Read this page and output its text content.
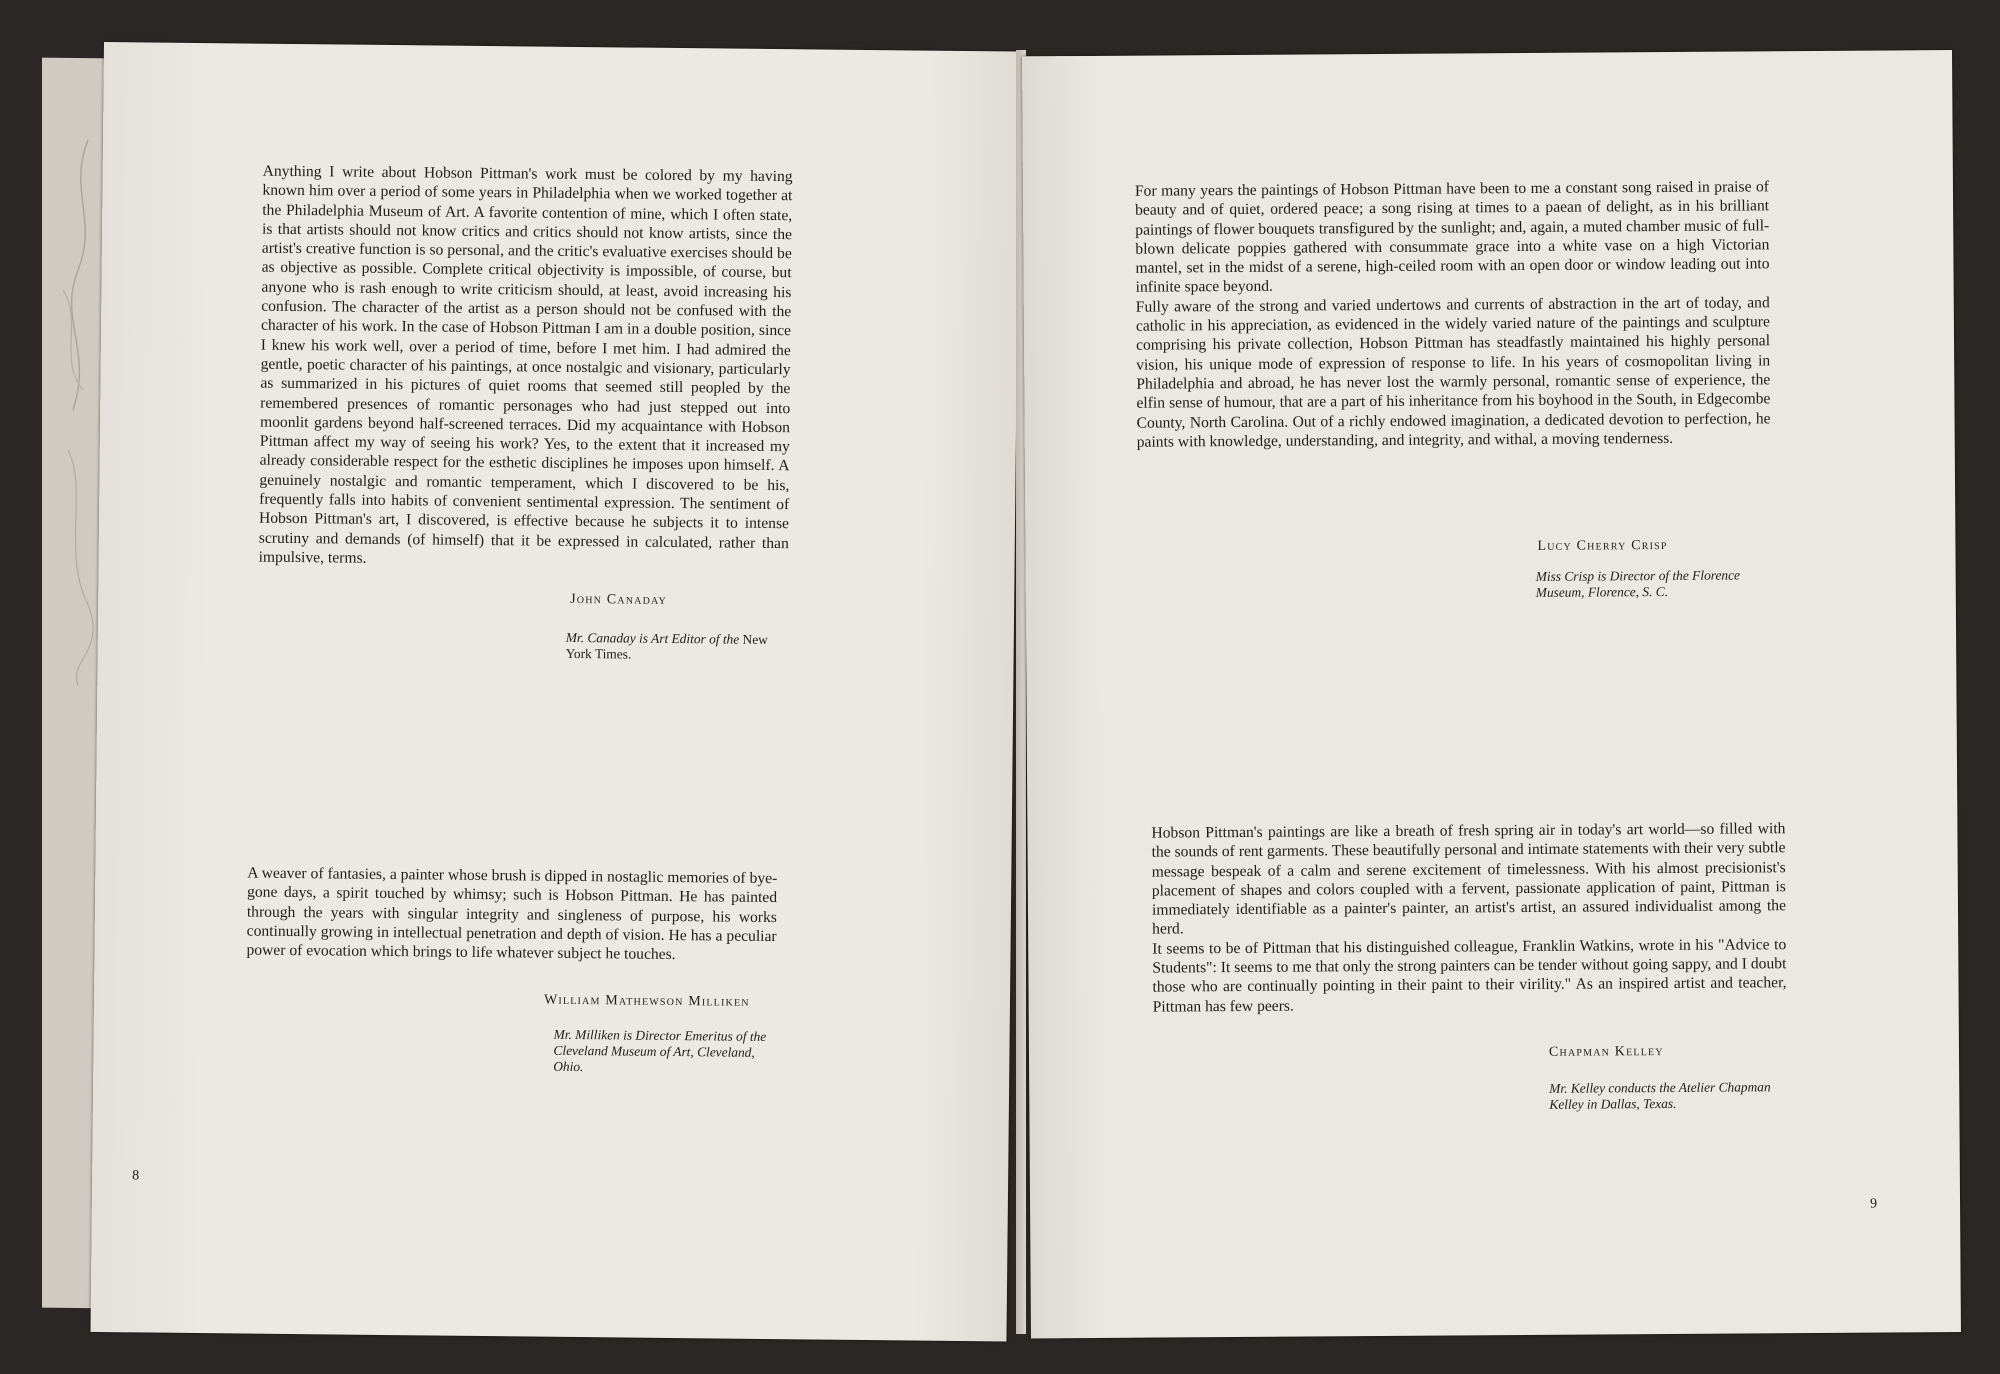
Anything I write about Hobson Pittman's work must be colored by my having known him over a period of some years in Philadelphia when we worked together at the Philadelphia Museum of Art. A favorite contention of mine, which I often state, is that artists should not know critics and critics should not know artists, since the artist's creative function is so personal, and the critic's evaluative exercises should be as objective as possible. Complete critical objectivity is impossible, of course, but anyone who is rash enough to write criticism should, at least, avoid increasing his confusion. The character of the artist as a person should not be confused with the character of his work. In the case of Hobson Pittman I am in a double position, since I knew his work well, over a period of time, before I met him. I had admired the gentle, poetic character of his paintings, at once nostalgic and visionary, particularly as summarized in his pictures of quiet rooms that seemed still peopled by the remembered presences of romantic personages who had just stepped out into moonlit gardens beyond half-screened terraces. Did my acquaintance with Hobson Pittman affect my way of seeing his work? Yes, to the extent that it increased my already considerable respect for the esthetic disciplines he imposes upon himself. A genuinely nostalgic and romantic temperament, which I discovered to be his, frequently falls into habits of convenient sentimental expression. The sentiment of Hobson Pittman's art, I discovered, is effective because he subjects it to intense scrutiny and demands (of himself) that it be expressed in calculated, rather than impulsive, terms.

John Canaday
Mr. Canaday is Art Editor of the New York Times.

A weaver of fantasies, a painter whose brush is dipped in nostaglic memories of bye-gone days, a spirit touched by whimsy; such is Hobson Pittman. He has painted through the years with singular integrity and singleness of purpose, his works continually growing in intellectual penetration and depth of vision. He has a peculiar power of evocation which brings to life whatever subject he touches.

William Mathewson Milliken
Mr. Milliken is Director Emeritus of the Cleveland Museum of Art, Cleveland, Ohio.
8

For many years the paintings of Hobson Pittman have been to me a constant song raised in praise of beauty and of quiet, ordered peace; a song rising at times to a paean of delight, as in his brilliant paintings of flower bouquets transfigured by the sunlight; and, again, a muted chamber music of full-blown delicate poppies gathered with consummate grace into a white vase on a high Victorian mantel, set in the midst of a serene, high-ceiled room with an open door or window leading out into infinite space beyond.

Fully aware of the strong and varied undertows and currents of abstraction in the art of today, and catholic in his appreciation, as evidenced in the widely varied nature of the paintings and sculpture comprising his private collection, Hobson Pittman has steadfastly maintained his highly personal vision, his unique mode of expression of response to life. In his years of cosmopolitan living in Philadelphia and abroad, he has never lost the warmly personal, romantic sense of experience, the elfin sense of humour, that are a part of his inheritance from his boyhood in the South, in Edgecombe County, North Carolina. Out of a richly endowed imagination, a dedicated devotion to perfection, he paints with knowledge, understanding, and integrity, and withal, a moving tenderness.

Lucy Cherry Crisp
Miss Crisp is Director of the Florence Museum, Florence, S. C.

Hobson Pittman's paintings are like a breath of fresh spring air in today's art world—so filled with the sounds of rent garments. These beautifully personal and intimate statements with their very subtle message bespeak of a calm and serene excitement of timelessness. With his almost precisionist's placement of shapes and colors coupled with a fervent, passionate application of paint, Pittman is immediately identifiable as a painter's painter, an artist's artist, an assured individualist among the herd.

It seems to be of Pittman that his distinguished colleague, Franklin Watkins, wrote in his "Advice to Students": It seems to me that only the strong painters can be tender without going sappy, and I doubt those who are continually pointing in their paint to their virility." As an inspired artist and teacher, Pittman has few peers.

Chapman Kelley
Mr. Kelley conducts the Atelier Chapman Kelley in Dallas, Texas.
9
